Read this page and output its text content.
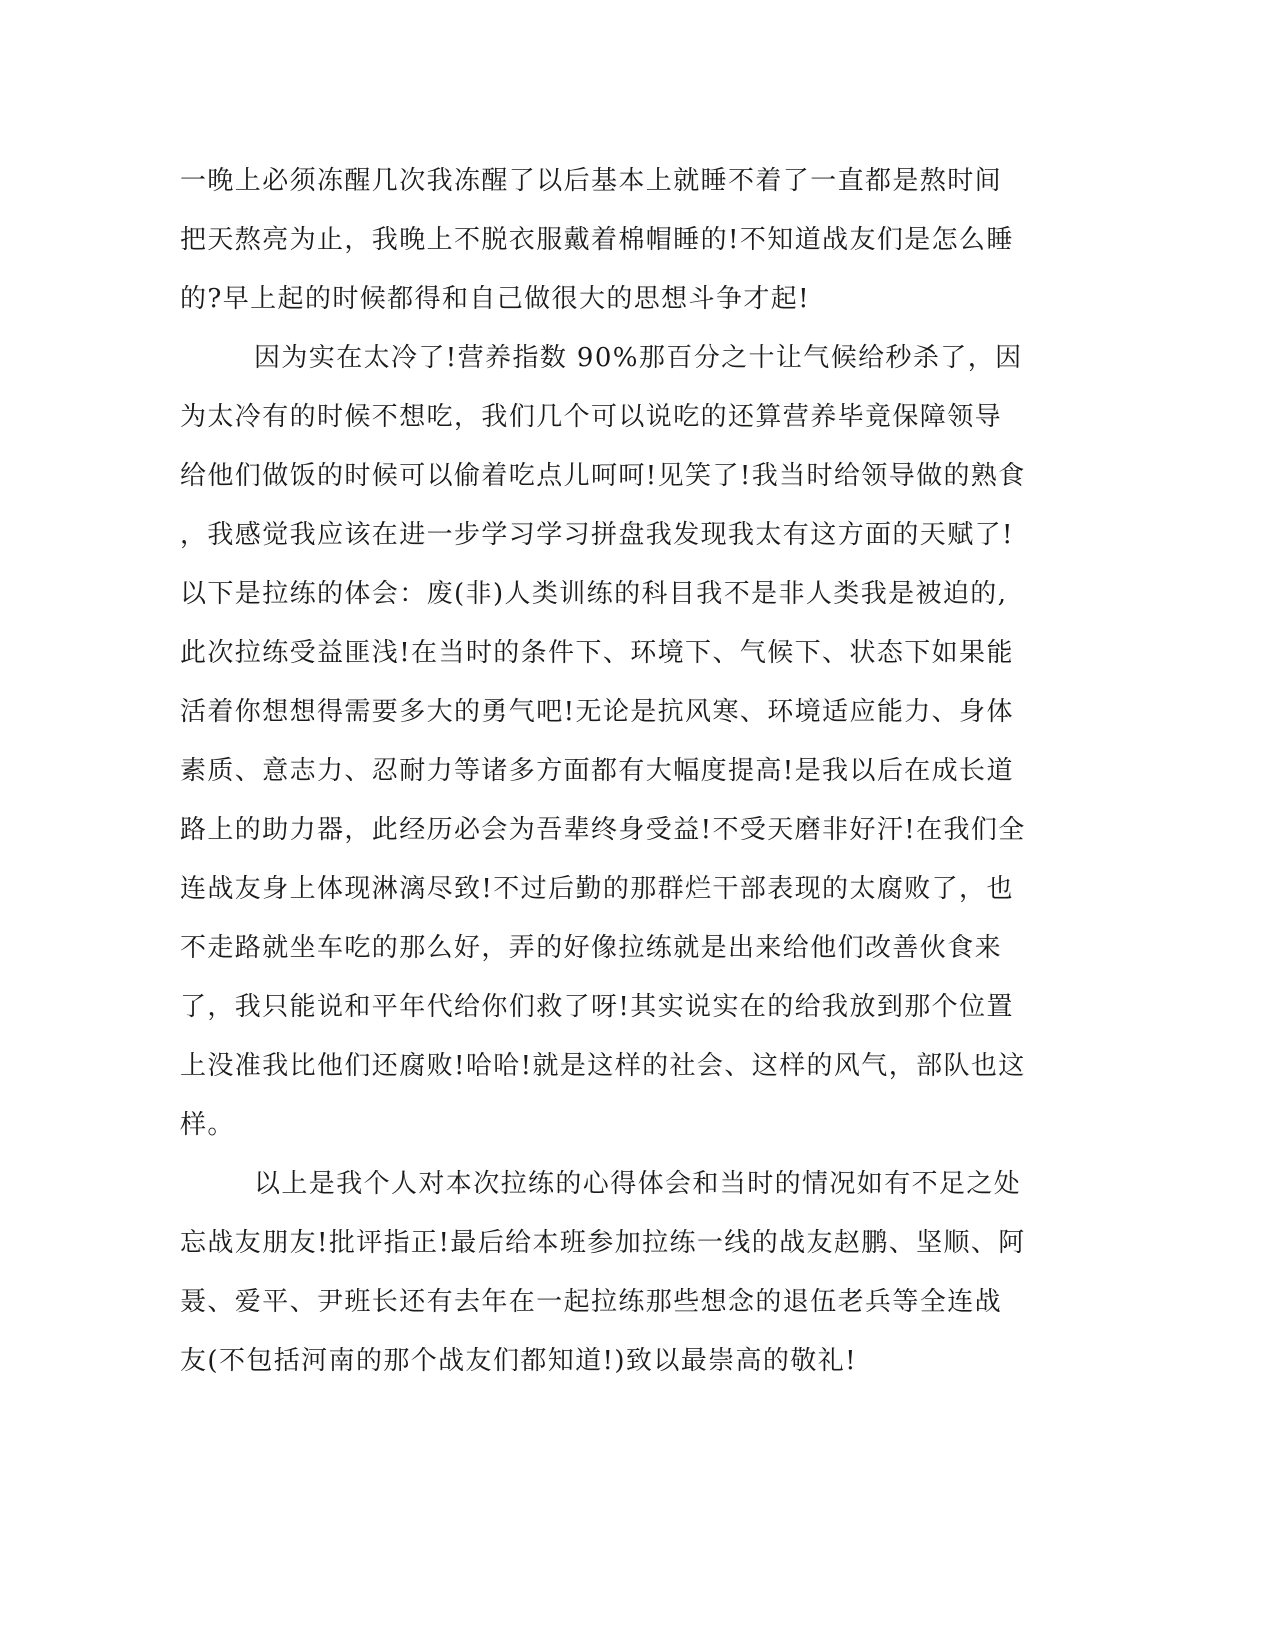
一晚上必须冻醒几次我冻醒了以后基本上就睡不着了一直都是熬时间
把天熬亮为止，我晚上不脱衣服戴着棉帽睡的!不知道战友们是怎么睡
的?早上起的时候都得和自己做很大的思想斗争才起!
因为实在太冷了!营养指数 90%那百分之十让气候给秒杀了，因
为太冷有的时候不想吃，我们几个可以说吃的还算营养毕竟保障领导
给他们做饭的时候可以偷着吃点儿呵呵!见笑了!我当时给领导做的熟食
，我感觉我应该在进一步学习学习拼盘我发现我太有这方面的天赋了!
以下是拉练的体会：废(非)人类训练的科目我不是非人类我是被迫的,
此次拉练受益匪浅!在当时的条件下、环境下、气候下、状态下如果能
活着你想想得需要多大的勇气吧!无论是抗风寒、环境适应能力、身体
素质、意志力、忍耐力等诸多方面都有大幅度提高!是我以后在成长道
路上的助力器，此经历必会为吾辈终身受益!不受天磨非好汗!在我们全
连战友身上体现淋漓尽致!不过后勤的那群烂干部表现的太腐败了，也
不走路就坐车吃的那么好，弄的好像拉练就是出来给他们改善伙食来
了，我只能说和平年代给你们救了呀!其实说实在的给我放到那个位置
上没准我比他们还腐败!哈哈!就是这样的社会、这样的风气，部队也这
样。
以上是我个人对本次拉练的心得体会和当时的情况如有不足之处
忘战友朋友!批评指正!最后给本班参加拉练一线的战友赵鹏、坚顺、阿
聂、爱平、尹班长还有去年在一起拉练那些想念的退伍老兵等全连战
友(不包括河南的那个战友们都知道!)致以最崇高的敬礼!
